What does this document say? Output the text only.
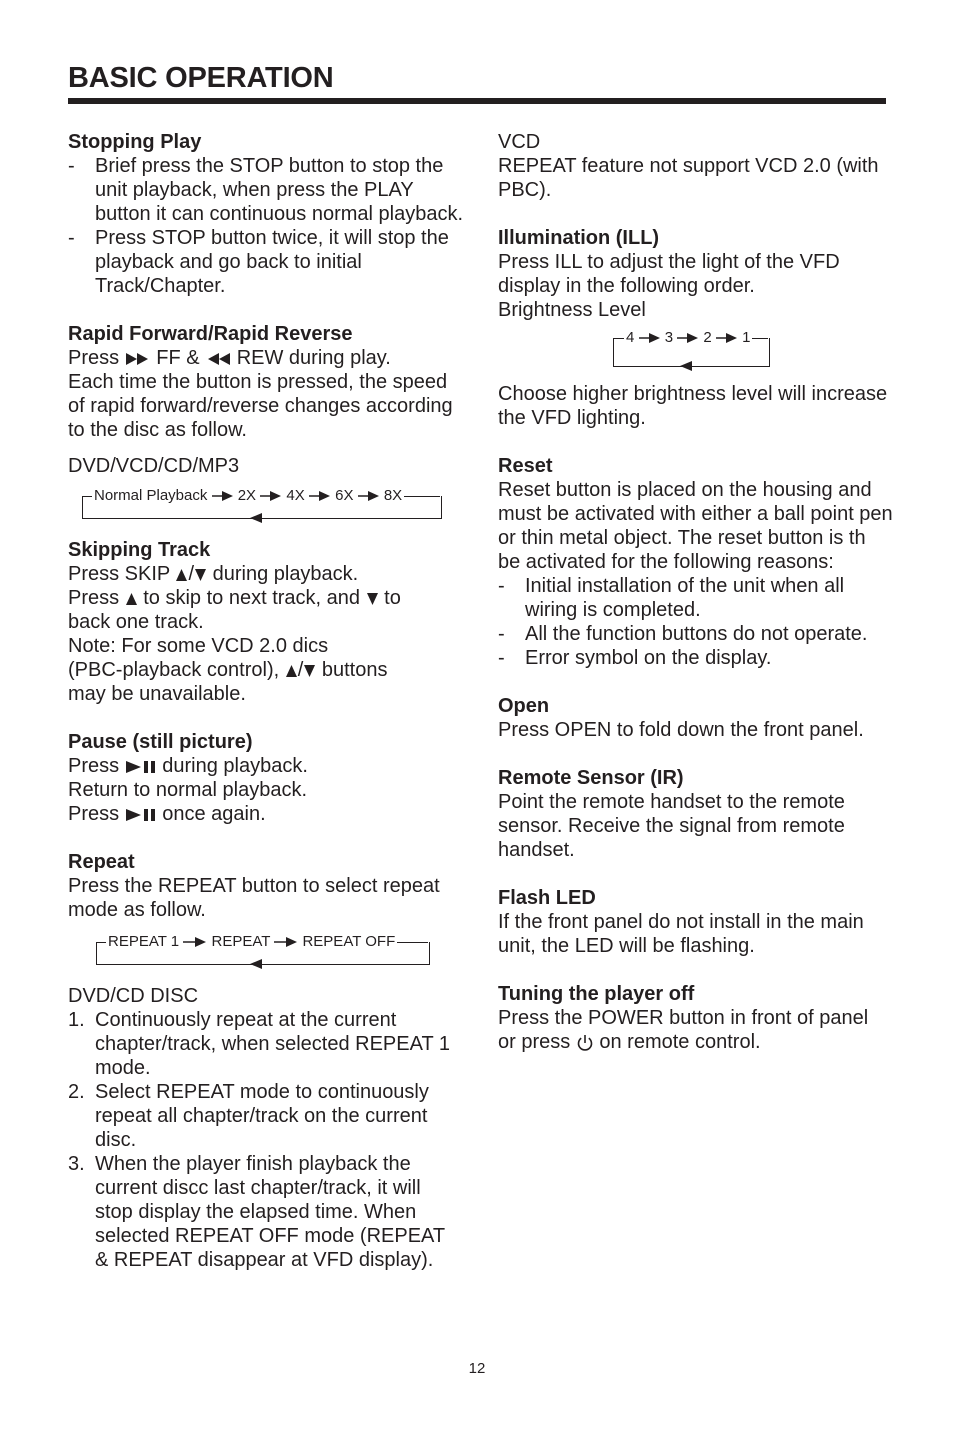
BASIC OPERATION
Stopping Play
- Brief press the STOP button to stop the unit playback, when press the PLAY button it can continuous normal playback.
- Press STOP button twice, it will stop the playback and go back to initial Track/Chapter.
Rapid Forward/Rapid Reverse
Press FF & REW during play.
Each time the button is pressed, the speed of rapid forward/reverse changes according to the disc as follow.
DVD/VCD/CD/MP3
Normal Playback 2X 4X 6X 8X
Skipping Track
Press SKIP / during playback.
Press to skip to next track, and to
back one track.
Note: For some VCD 2.0 dics
(PBC-playback control), / buttons
may be unavailable.
Pause (still picture)
Press during playback.
Return to normal playback.
Press once again.
Repeat
Press the REPEAT button to select repeat mode as follow.
REPEAT 1 REPEAT REPEAT OFF
DVD/CD DISC
1. Continuously repeat at the current chapter/track, when selected REPEAT 1 mode.
2. Select REPEAT mode to continuously repeat all chapter/track on the current disc.
3. When the player finish playback the current discc last chapter/track, it will stop display the elapsed time. When selected REPEAT OFF mode (REPEAT & REPEAT disappear at VFD display).
VCD
REPEAT feature not support VCD 2.0 (with PBC).
Illumination (ILL)
Press ILL to adjust the light of the VFD display in the following order.
Brightness Level
4 3 2 1
Choose higher brightness level will increase the VFD lighting.
Reset
Reset button is placed on the housing and must be activated with either a ball point pen or thin metal object. The reset button is th be activated for the following reasons:
- Initial installation of the unit when all wiring is completed.
- All the function buttons do not operate.
- Error symbol on the display.
Open
Press OPEN to fold down the front panel.
Remote Sensor (IR)
Point the remote handset to the remote sensor. Receive the signal from remote handset.
Flash LED
If the front panel do not install in the main unit, the LED will be flashing.
Tuning the player off
Press the POWER button in front of panel
or press on remote control.
12
